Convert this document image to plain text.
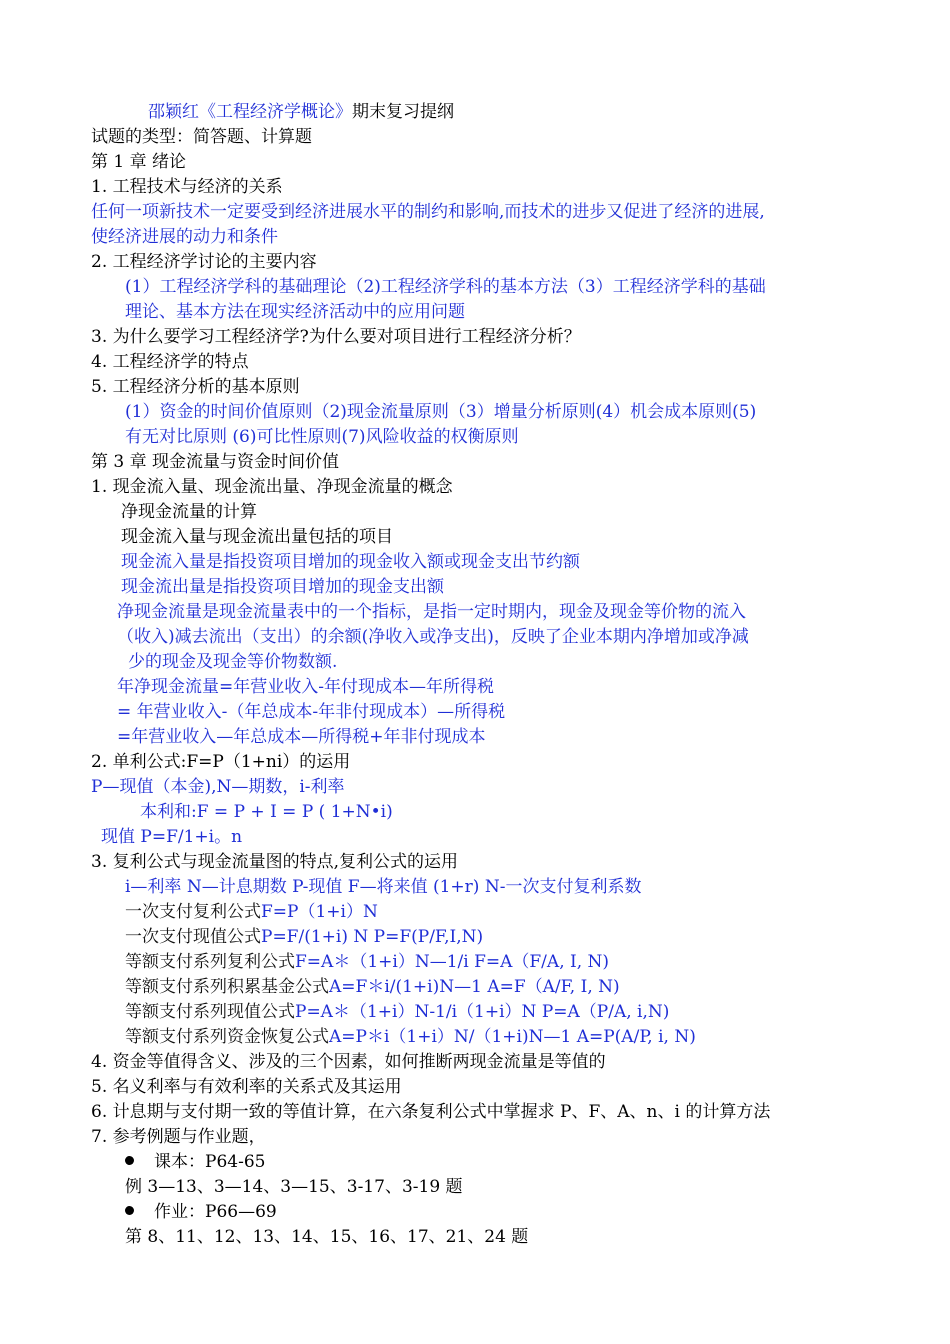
邵颖红《工程经济学概论》期末复习提纲
试题的类型：简答题、计算题
第 1 章 绪论
1. 工程技术与经济的关系
任何一项新技术一定要受到经济进展水平的制约和影响,而技术的进步又促进了经济的进展,
使经济进展的动力和条件
2. 工程经济学讨论的主要内容
(1）工程经济学科的基础理论（2)工程经济学科的基本方法（3）工程经济学科的基础
理论、基本方法在现实经济活动中的应用问题
3. 为什么要学习工程经济学?为什么要对项目进行工程经济分析？
4. 工程经济学的特点
5. 工程经济分析的基本原则
(1）资金的时间价值原则（2)现金流量原则（3）增量分析原则(4）机会成本原则(5)
有无对比原则 (6)可比性原则(7)风险收益的权衡原则
第 3 章 现金流量与资金时间价值
1. 现金流入量、现金流出量、净现金流量的概念
净现金流量的计算
现金流入量与现金流出量包括的项目
现金流入量是指投资项目增加的现金收入额或现金支出节约额
现金流出量是指投资项目增加的现金支出额
净现金流量是现金流量表中的一个指标，是指一定时期内，现金及现金等价物的流入
（收入)减去流出（支出）的余额(净收入或净支出)，反映了企业本期内净增加或净减
少的现金及现金等价物数额.
年净现金流量=年营业收入-年付现成本—年所得税
= 年营业收入-（年总成本-年非付现成本）—所得税
=年营业收入—年总成本—所得税+年非付现成本
2. 单利公式:F=P（1+ni）的运用
P—现值（本金),N—期数，i-利率
本利和:F = P + I = P ( 1+N•i)
现值 P=F/1+i。n
3. 复利公式与现金流量图的特点,复利公式的运用
i—利率 N—计息期数 P-现值 F—将来值 (1+r) N-一次支付复利系数
一次支付复利公式F=P（1+i）N
一次支付现值公式P=F/(1+i) N P=F(P/F,I,N)
等额支付系列复利公式F=A＊（1+i）N—1/i F=A（F/A, I, N)
等额支付系列积累基金公式A=F＊i/(1+i)N—1 A=F（A/F, I, N)
等额支付系列现值公式P=A＊（1+i）N-1/i（1+i）N P=A（P/A, i,N)
等额支付系列资金恢复公式A=P＊i（1+i）N/（1+i)N—1 A=P(A/P, i, N)
4. 资金等值得含义、涉及的三个因素，如何推断两现金流量是等值的
5. 名义利率与有效利率的关系式及其运用
6. 计息期与支付期一致的等值计算，在六条复利公式中掌握求 P、F、A、n、i 的计算方法
7. 参考例题与作业题，
课本：P64-65
例 3—13、3—14、3—15、3-17、3-19 题
作业：P66—69
第 8、11、12、13、14、15、16、17、21、24 题
